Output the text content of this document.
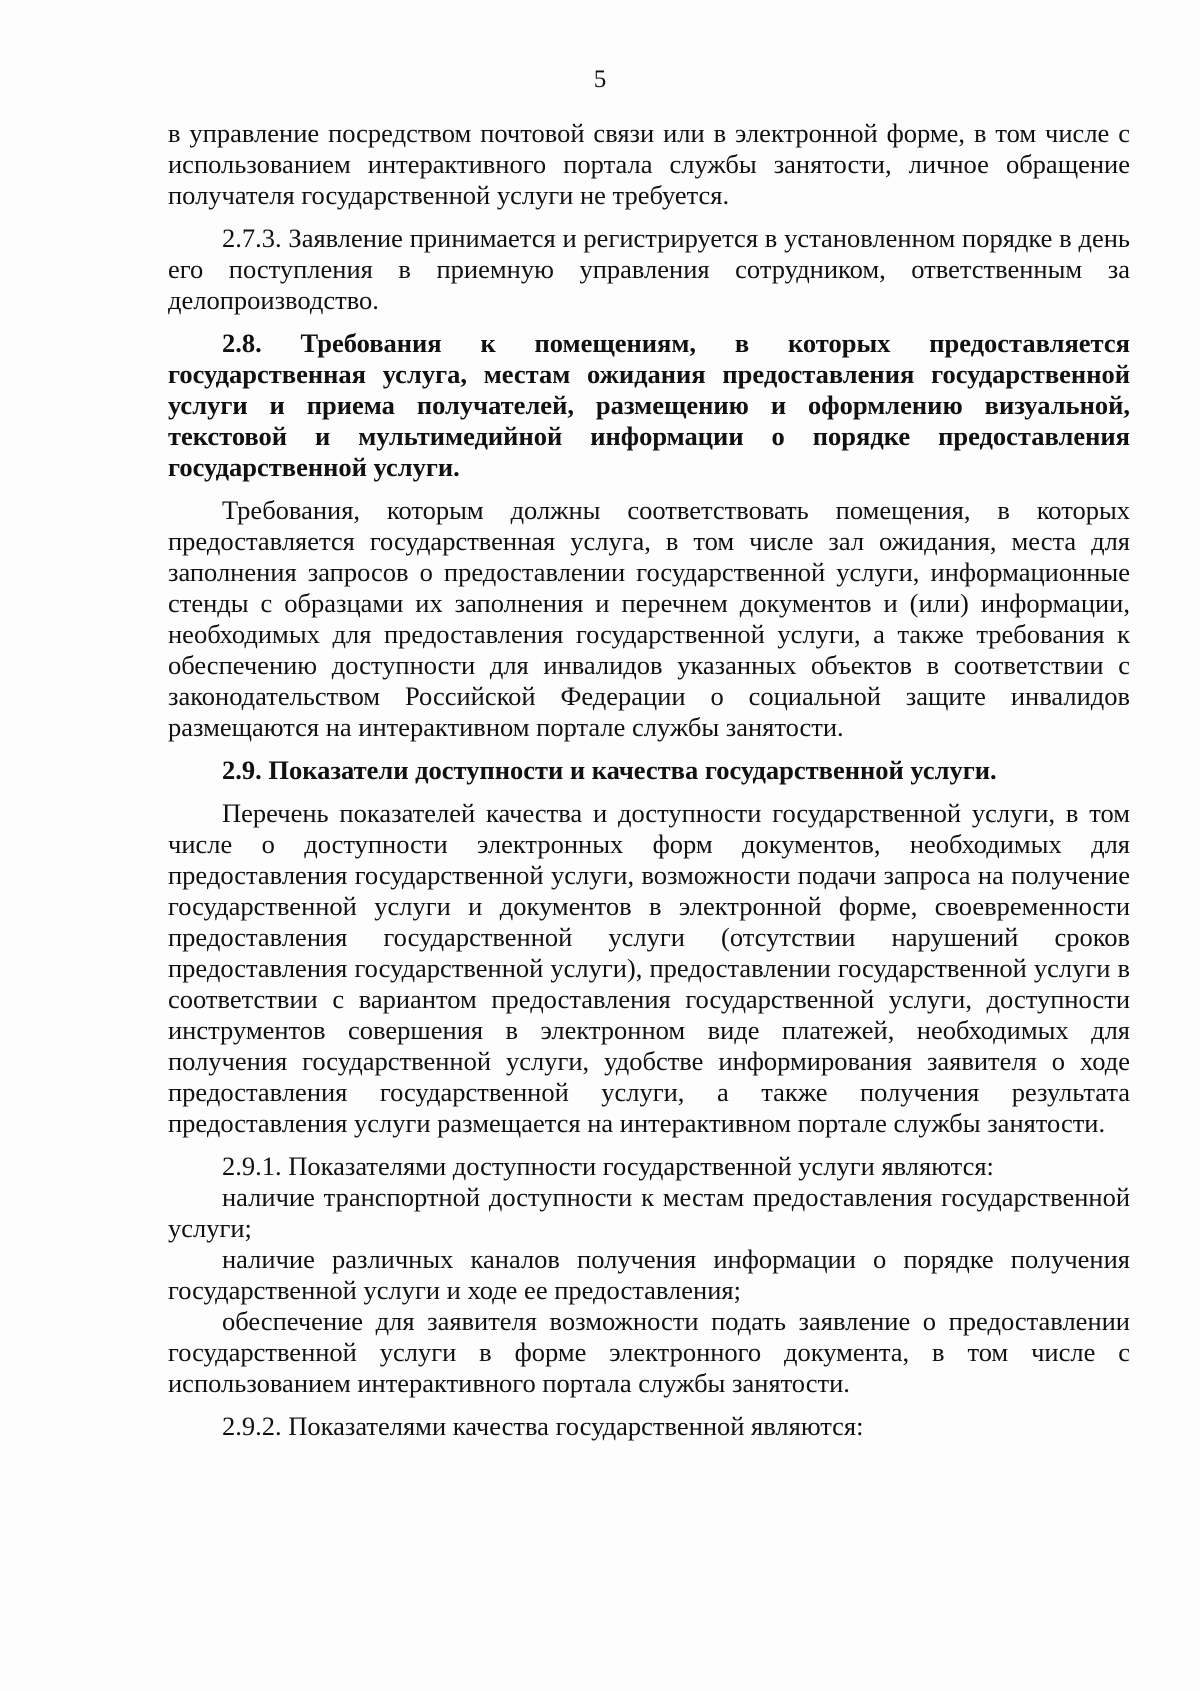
5

в управление посредством почтовой связи или в электронной форме, в том числе с использованием интерактивного портала службы занятости, личное обращение получателя государственной услуги не требуется.

2.7.3. Заявление принимается и регистрируется в установленном порядке в день его поступления в приемную управления сотрудником, ответственным за делопроизводство.

2.8. Требования к помещениям, в которых предоставляется государственная услуга, местам ожидания предоставления государственной услуги и приема получателей, размещению и оформлению визуальной, текстовой и мультимедийной информации о порядке предоставления государственной услуги.

Требования, которым должны соответствовать помещения, в которых предоставляется государственная услуга, в том числе зал ожидания, места для заполнения запросов о предоставлении государственной услуги, информационные стенды с образцами их заполнения и перечнем документов и (или) информации, необходимых для предоставления государственной услуги, а также требования к обеспечению доступности для инвалидов указанных объектов в соответствии с законодательством Российской Федерации о социальной защите инвалидов размещаются на интерактивном портале службы занятости.

2.9. Показатели доступности и качества государственной услуги.

Перечень показателей качества и доступности государственной услуги, в том числе о доступности электронных форм документов, необходимых для предоставления государственной услуги, возможности подачи запроса на получение государственной услуги и документов в электронной форме, своевременности предоставления государственной услуги (отсутствии нарушений сроков предоставления государственной услуги), предоставлении государственной услуги в соответствии с вариантом предоставления государственной услуги, доступности инструментов совершения в электронном виде платежей, необходимых для получения государственной услуги, удобстве информирования заявителя о ходе предоставления государственной услуги, а также получения результата предоставления услуги размещается на интерактивном портале службы занятости.

2.9.1. Показателями доступности государственной услуги являются:

наличие транспортной доступности к местам предоставления государственной услуги;

наличие различных каналов получения информации о порядке получения государственной услуги и ходе ее предоставления;

обеспечение для заявителя возможности подать заявление о предоставлении государственной услуги в форме электронного документа, в том числе с использованием интерактивного портала службы занятости.

2.9.2. Показателями качества государственной являются:
